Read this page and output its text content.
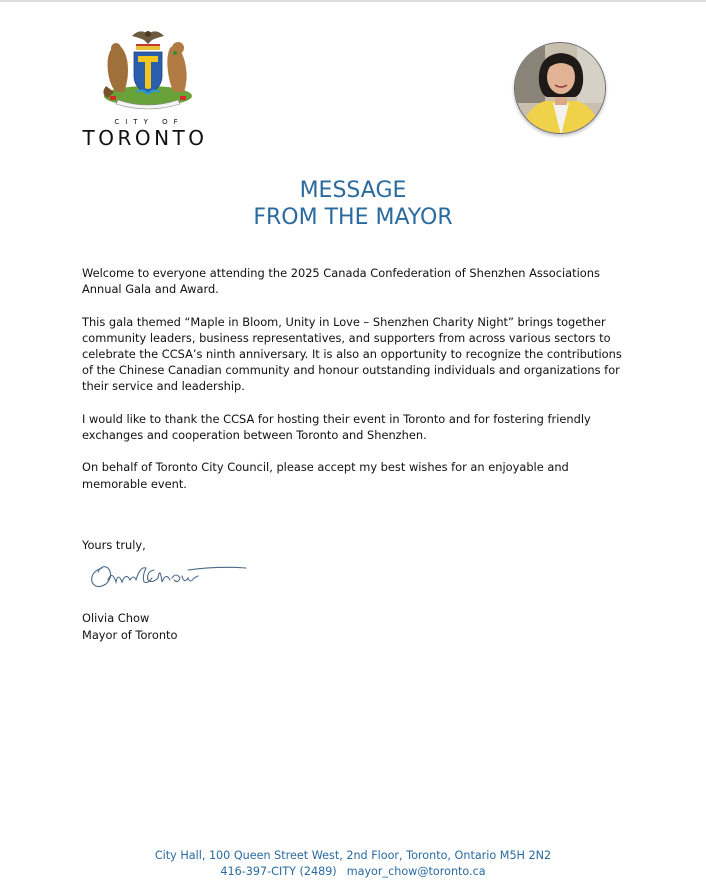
CITY OF
TORONTO
MESSAGE
FROM THE MAYOR

Welcome to everyone attending the 2025 Canada Confederation of Shenzhen Associations
Annual Gala and Award.

This gala themed “Maple in Bloom, Unity in Love – Shenzhen Charity Night” brings together
community leaders, business representatives, and supporters from across various sectors to
celebrate the CCSA’s ninth anniversary. It is also an opportunity to recognize the contributions
of the Chinese Canadian community and honour outstanding individuals and organizations for
their service and leadership.

I would like to thank the CCSA for hosting their event in Toronto and for fostering friendly
exchanges and cooperation between Toronto and Shenzhen.

On behalf of Toronto City Council, please accept my best wishes for an enjoyable and
memorable event.

Yours truly,
Olivia Chow
Mayor of Toronto
City Hall, 100 Queen Street West, 2nd Floor, Toronto, Ontario M5H 2N2
416-397-CITY (2489) mayor_chow@toronto.ca
